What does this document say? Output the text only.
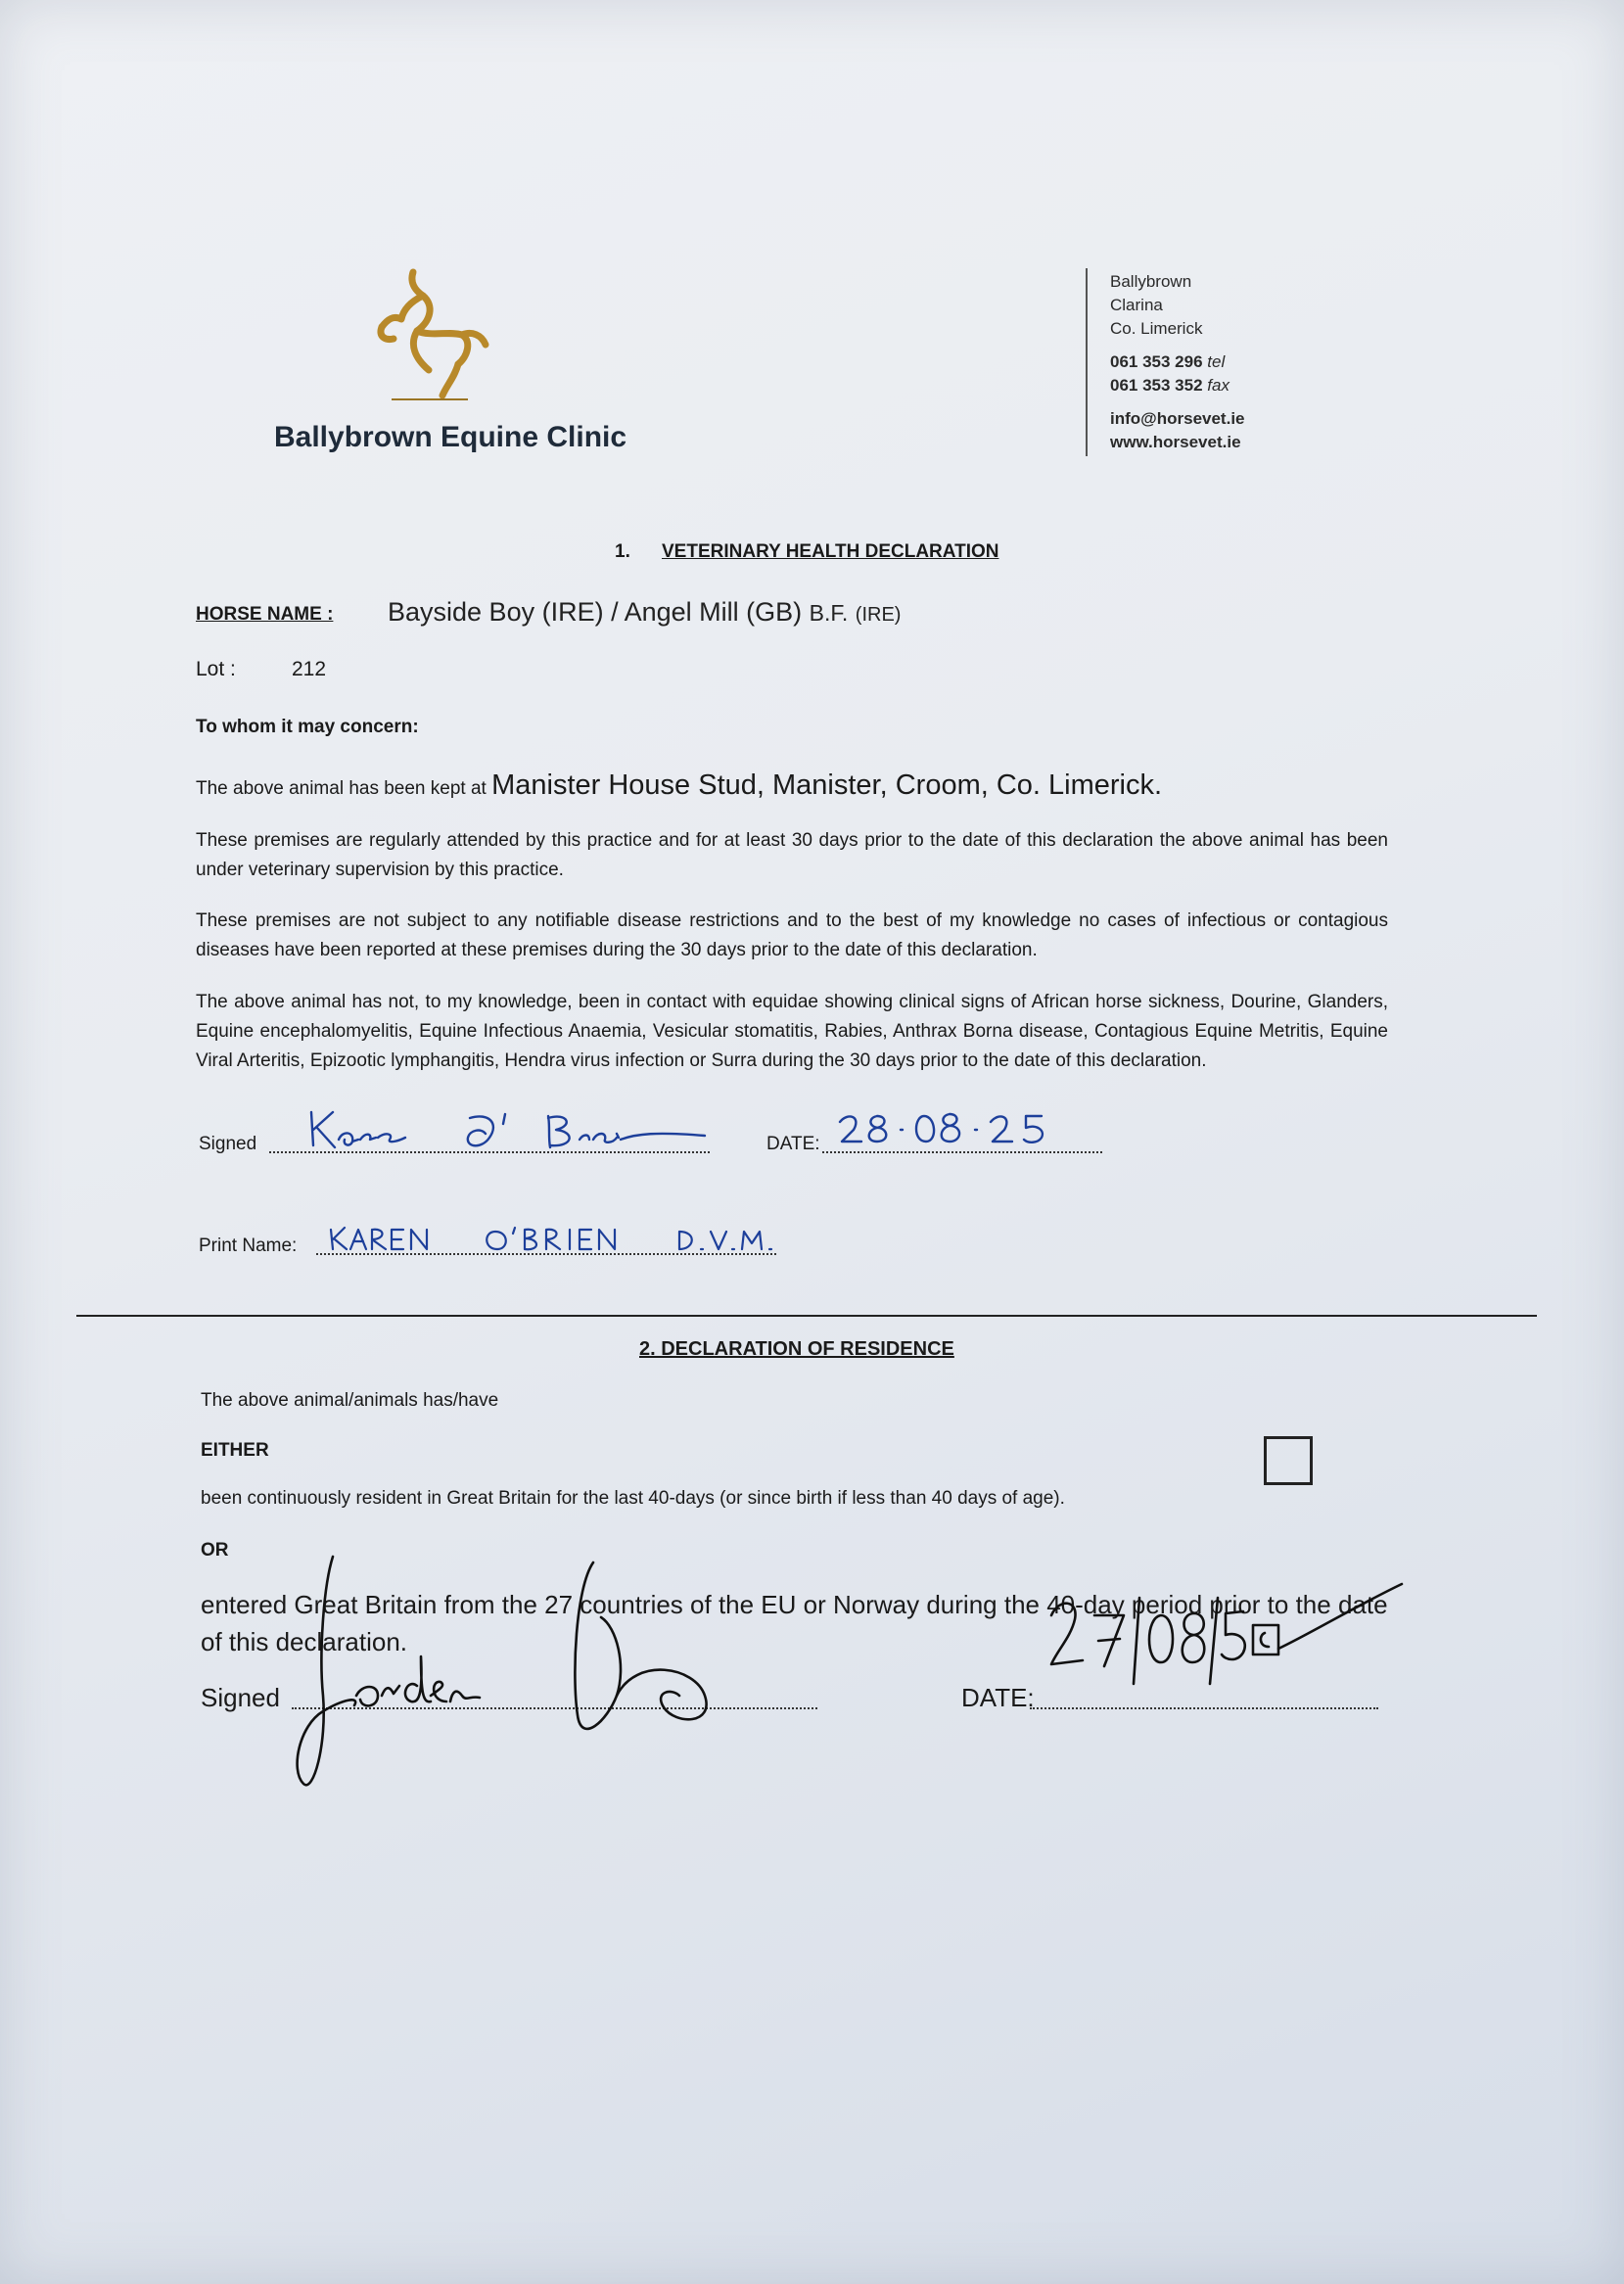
Ballybrown Equine Clinic
Ballybrown
Clarina
Co. Limerick
061 353 296 tel
061 353 352 fax
info@horsevet.ie
www.horsevet.ie
1. VETERINARY HEALTH DECLARATION
HORSE NAME : Bayside Boy (IRE) / Angel Mill (GB) B.F. (IRE)
Lot :	212
To whom it may concern:
The above animal has been kept at Manister House Stud, Manister, Croom, Co. Limerick.
These premises are regularly attended by this practice and for at least 30 days prior to the date of this declaration the above animal has been under veterinary supervision by this practice.
These premises are not subject to any notifiable disease restrictions and to the best of my knowledge no cases of infectious or contagious diseases have been reported at these premises during the 30 days prior to the date of this declaration.
The above animal has not, to my knowledge, been in contact with equidae showing clinical signs of African horse sickness, Dourine, Glanders, Equine encephalomyelitis, Equine Infectious Anaemia, Vesicular stomatitis, Rabies, Anthrax Borna disease, Contagious Equine Metritis, Equine Viral Arteritis, Epizootic lymphangitis, Hendra virus infection or Surra during the 30 days prior to the date of this declaration.
Signed	DATE:
Print Name:
2. DECLARATION OF RESIDENCE
The above animal/animals has/have
EITHER
been continuously resident in Great Britain for the last 40-days (or since birth if less than 40 days of age).
OR
entered Great Britain from the 27 countries of the EU or Norway during the 40-day period prior to the date of this declaration.
Signed	DATE:
